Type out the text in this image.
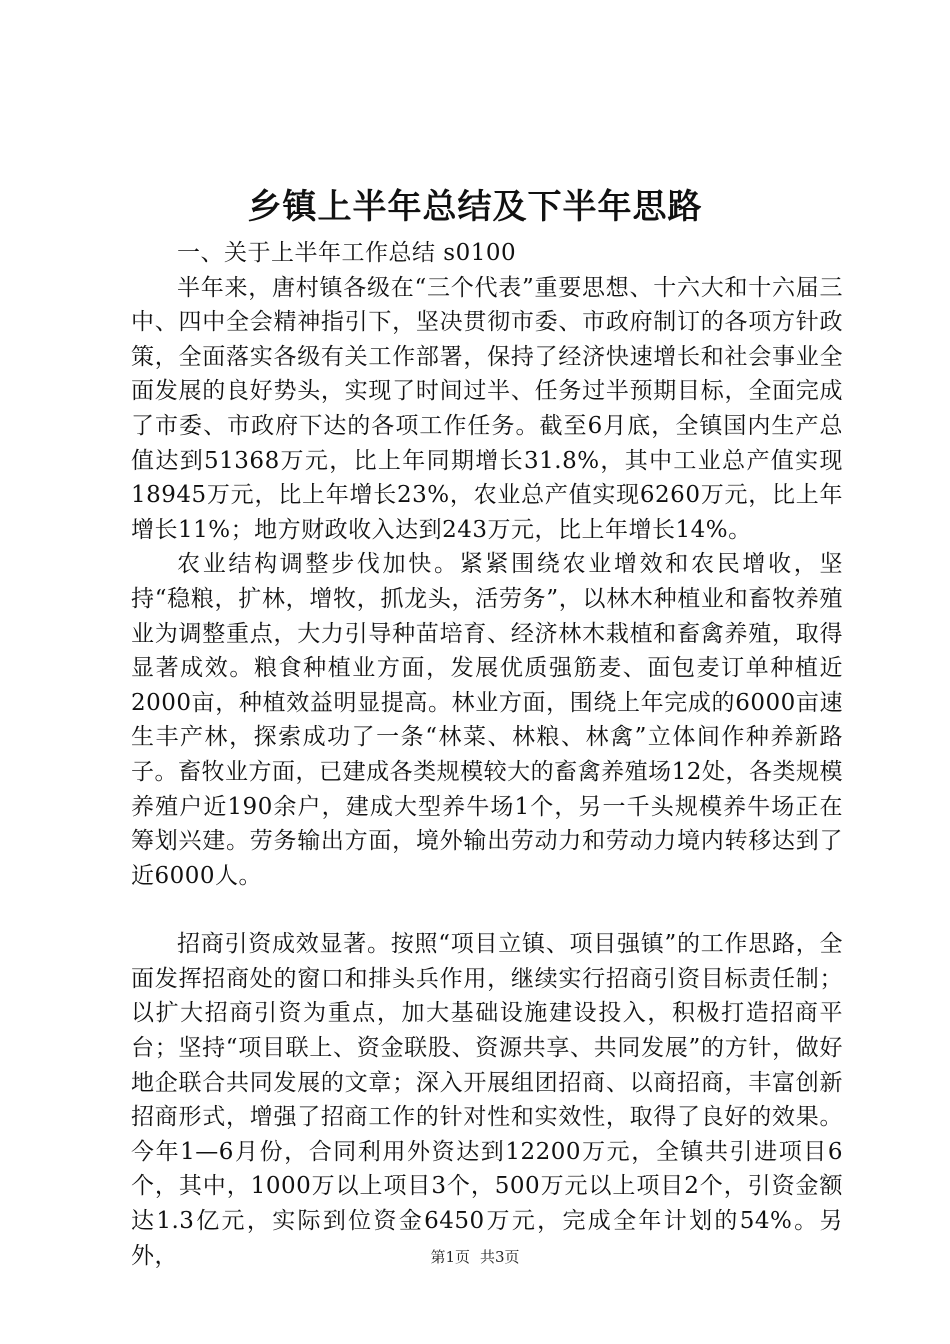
乡镇上半年总结及下半年思路

一、关于上半年工作总结 s0100

半年来，唐村镇各级在“三个代表”重要思想、十六大和十六届三中、四中全会精神指引下，坚决贯彻市委、市政府制订的各项方针政策，全面落实各级有关工作部署，保持了经济快速增长和社会事业全面发展的良好势头，实现了时间过半、任务过半预期目标，全面完成了市委、市政府下达的各项工作任务。截至6月底，全镇国内生产总值达到51368万元，比上年同期增长31.8%，其中工业总产值实现18945万元，比上年增长23%，农业总产值实现6260万元，比上年增长11%；地方财政收入达到243万元，比上年增长14%。

农业结构调整步伐加快。紧紧围绕农业增效和农民增收，坚持“稳粮，扩林，增牧，抓龙头，活劳务”，以林木种植业和畜牧养殖业为调整重点，大力引导种苗培育、经济林木栽植和畜禽养殖，取得显著成效。粮食种植业方面，发展优质强筋麦、面包麦订单种植近2000亩，种植效益明显提高。林业方面，围绕上年完成的6000亩速生丰产林，探索成功了一条“林菜、林粮、林禽”立体间作种养新路子。畜牧业方面，已建成各类规模较大的畜禽养殖场12处，各类规模养殖户近190余户，建成大型养牛场1个，另一千头规模养牛场正在筹划兴建。劳务输出方面，境外输出劳动力和劳动力境内转移达到了近6000人。

招商引资成效显著。按照“项目立镇、项目强镇”的工作思路，全面发挥招商处的窗口和排头兵作用，继续实行招商引资目标责任制；以扩大招商引资为重点，加大基础设施建设投入，积极打造招商平台；坚持“项目联上、资金联股、资源共享、共同发展”的方针，做好地企联合共同发展的文章；深入开展组团招商、以商招商，丰富创新招商形式，增强了招商工作的针对性和实效性，取得了良好的效果。今年1—6月份，合同利用外资达到12200万元，全镇共引进项目6个，其中，1000万以上项目3个，500万元以上项目2个，引资金额达1.3亿元，实际到位资金6450万元，完成全年计划的54%。另外，	第1页 共3页
